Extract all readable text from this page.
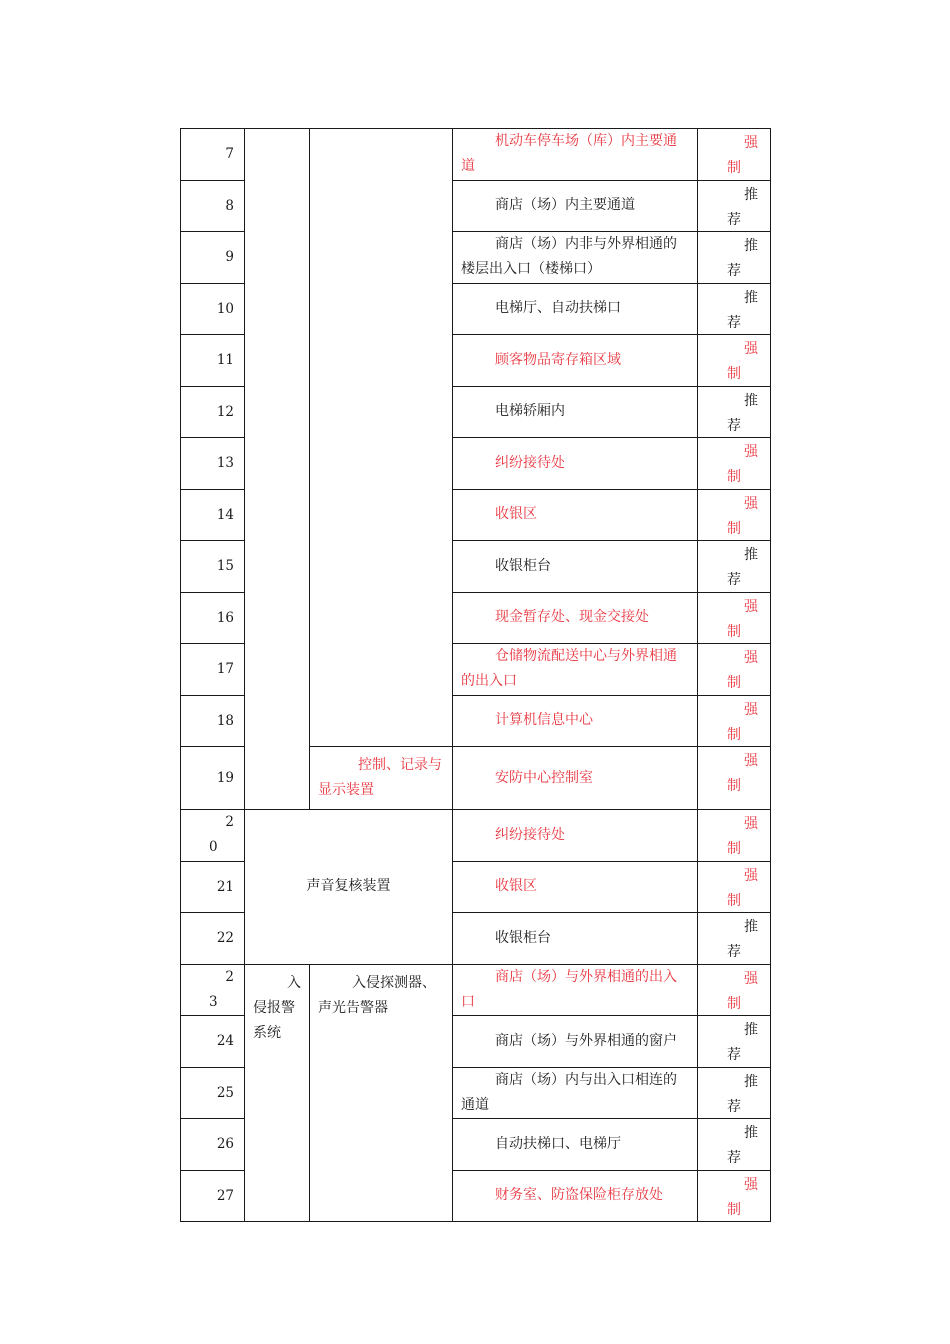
7			机动车停车场（库）内主要通道	强
制

8			商店（场）内主要通道	推
荐

9			商店（场）内非与外界相通的楼层出入口（楼梯口）	推
荐

10			电梯厅、自动扶梯口	推
荐

11			顾客物品寄存箱区域	强
制

12			电梯轿厢内	推
荐

13			纠纷接待处	强
制

14			收银区	强
制

15			收银柜台	推
荐

16			现金暂存处、现金交接处	强
制

17			仓储物流配送中心与外界相通的出入口	强
制

18			计算机信息中心	强
制

19		控制、记录与显示装置	安防中心控制室	强
制

2
0	声音复核装置		纠纷接待处	强
制

21			收银区	强
制

22			收银柜台	推
荐

2
3	入侵报警系统	入侵探测器、声光告警器	商店（场）与外界相通的出入口	强
制

24			商店（场）与外界相通的窗户	推
荐

25			商店（场）内与出入口相连的通道	推
荐

26			自动扶梯口、电梯厅	推
荐

27			财务室、防盗保险柜存放处	强
制
